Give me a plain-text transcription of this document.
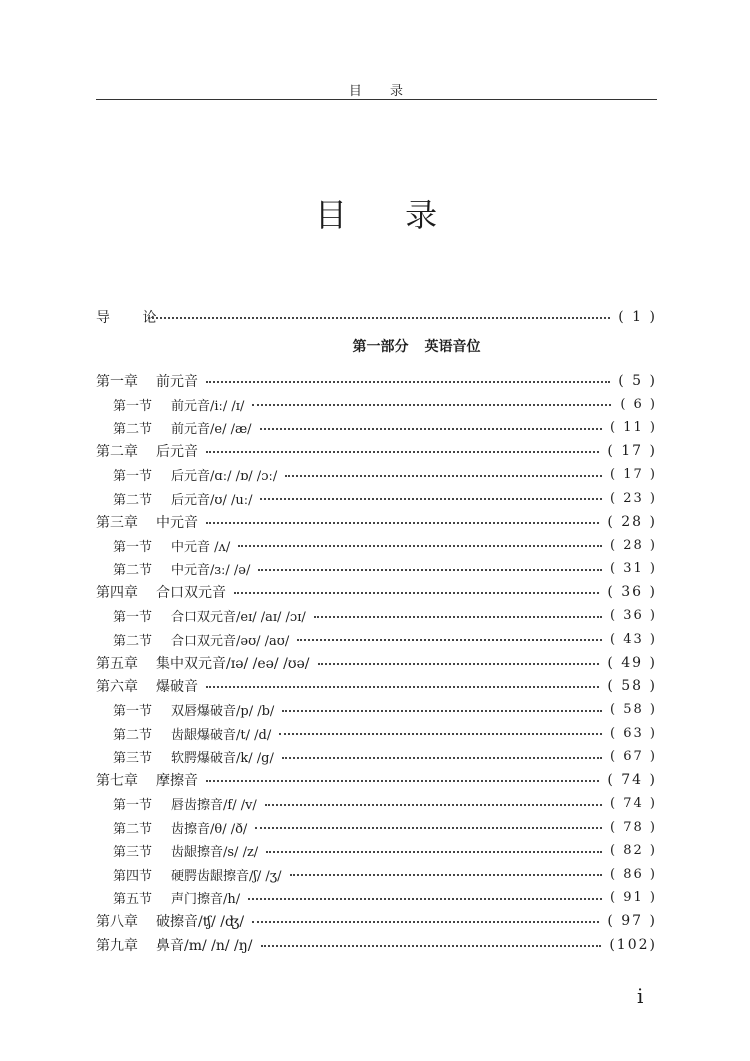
目 录
目 录
导 论	( 1 )
第一部分 英语音位
第一章	前元音	( 5 )
第一节	前元音/iː/ /ɪ/	( 6 )
第二节	前元音/e/ /æ/	( 11 )
第二章	后元音	( 17 )
第一节	后元音/ɑː/ /ɒ/ /ɔː/	( 17 )
第二节	后元音/ʊ/ /uː/	( 23 )
第三章	中元音	( 28 )
第一节	中元音 /ʌ/	( 28 )
第二节	中元音/ɜː/ /ə/	( 31 )
第四章	合口双元音	( 36 )
第一节	合口双元音/eɪ/ /aɪ/ /ɔɪ/	( 36 )
第二节	合口双元音/əʊ/ /aʊ/	( 43 )
第五章	集中双元音/ɪə/ /eə/ /ʊə/	( 49 )
第六章	爆破音	( 58 )
第一节	双唇爆破音/p/ /b/	( 58 )
第二节	齿龈爆破音/t/ /d/	( 63 )
第三节	软腭爆破音/k/ /g/	( 67 )
第七章	摩擦音	( 74 )
第一节	唇齿擦音/f/ /v/	( 74 )
第二节	齿擦音/θ/ /ð/	( 78 )
第三节	齿龈擦音/s/ /z/	( 82 )
第四节	硬腭齿龈擦音/ʃ/ /ʒ/	( 86 )
第五节	声门擦音/h/	( 91 )
第八章	破擦音/ʧ/ /ʤ/	( 97 )
第九章	鼻音/m/ /n/ /ŋ/	(102)
i
